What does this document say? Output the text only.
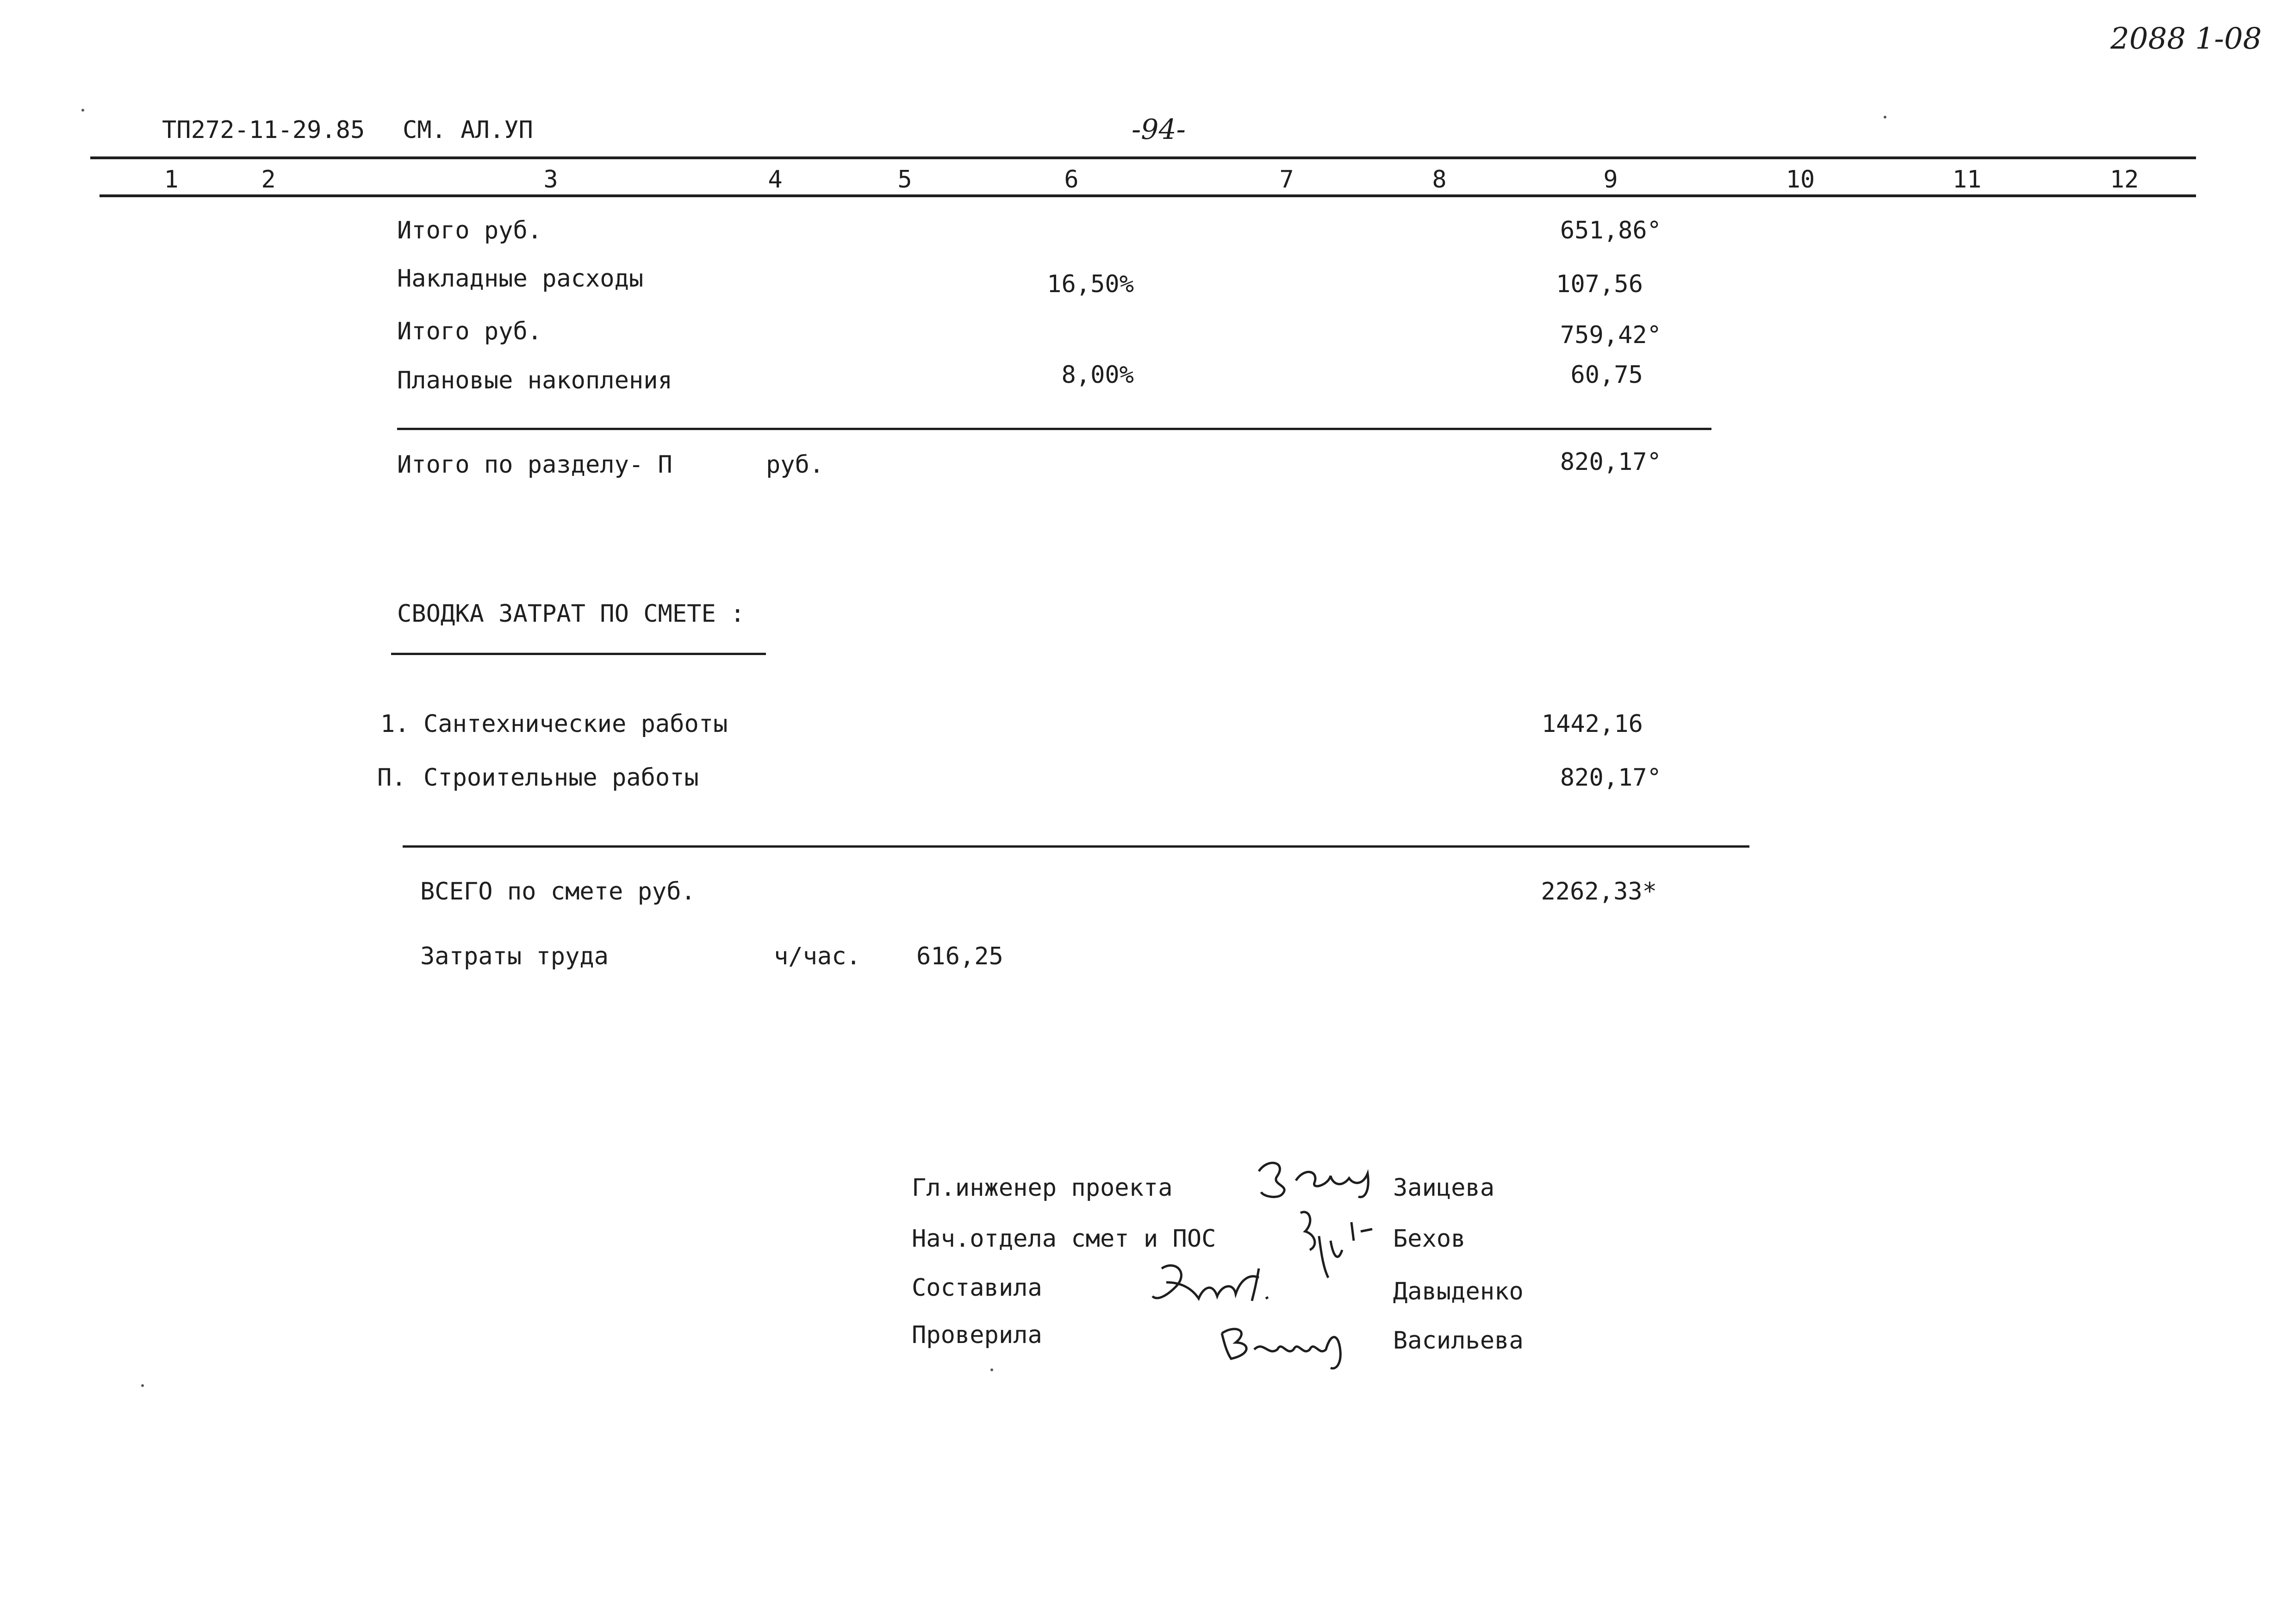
2088 1-08
ТП272-11-29.85 СМ. АЛ.УП	-94-
1	2	3	4	5	6	7	8	9	10	11	12
Итого руб.	651,86°
Накладные расходы	16,50%	107,56
Итого руб.	759,42°
Плановые накопления	8,00%	60,75
Итого по разделу- П	руб.	820,17°
СВОДКА ЗАТРАТ ПО СМЕТЕ :
1. Сантехнические работы	1442,16
П. Строительные работы	820,17°
ВСЕГО по смете руб.	2262,33*
Затраты труда	ч/час. 616,25
Гл.инженер проекта	Заицева
Нач.отдела смет и ПОС	Бехов
Составила	Давыденко
Проверила	Васильева
